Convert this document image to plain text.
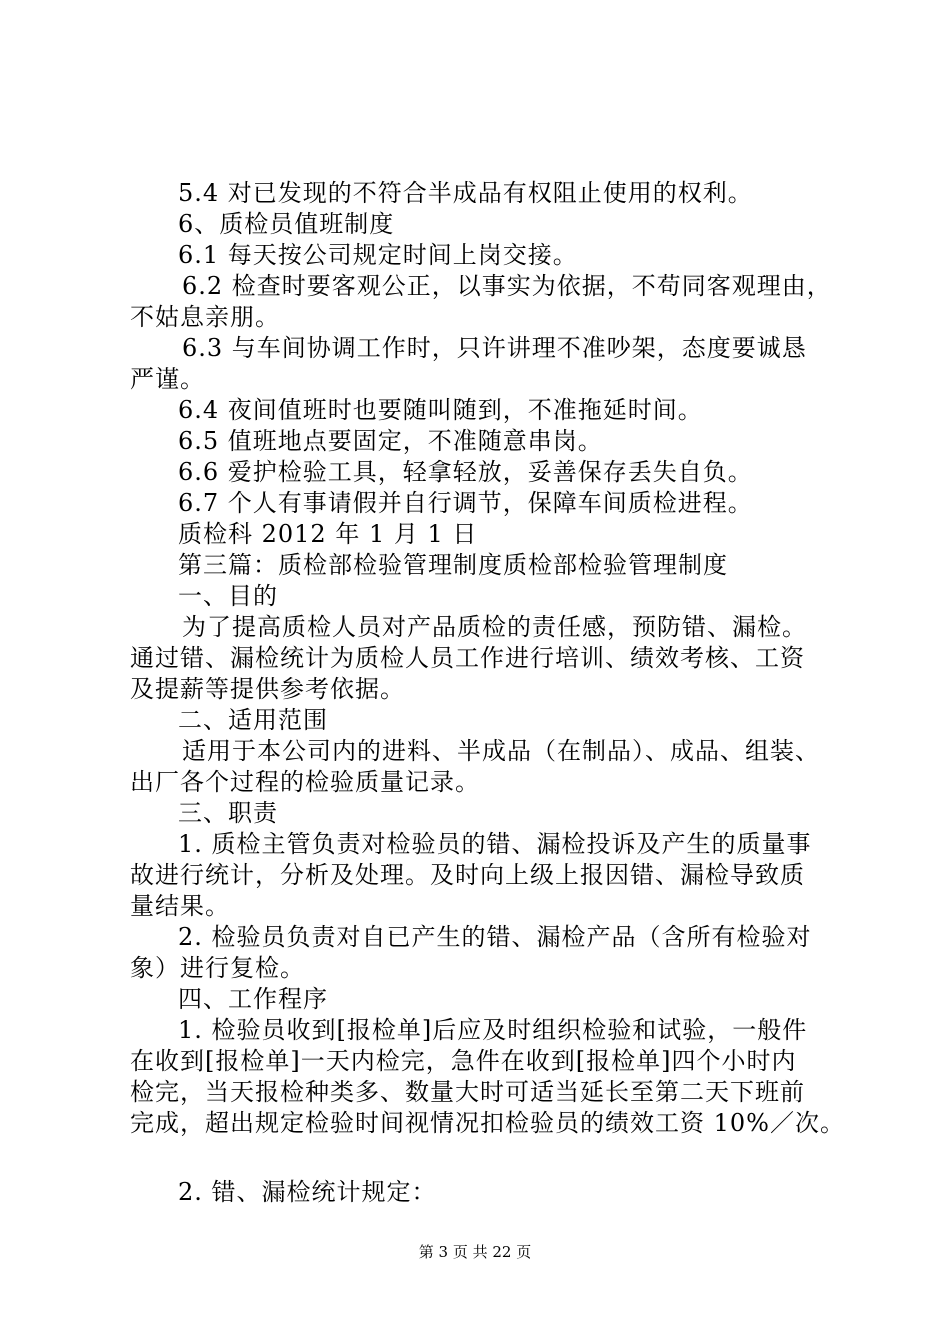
5.4 对已发现的不符合半成品有权阻止使用的权利。
6、质检员值班制度
6.1 每天按公司规定时间上岗交接。
6.2 检查时要客观公正，以事实为依据，不苟同客观理由，
不姑息亲朋。
6.3 与车间协调工作时，只许讲理不准吵架，态度要诚恳
严谨。
6.4 夜间值班时也要随叫随到，不准拖延时间。
6.5 值班地点要固定，不准随意串岗。
6.6 爱护检验工具，轻拿轻放，妥善保存丢失自负。
6.7 个人有事请假并自行调节，保障车间质检进程。
质检科 2012 年 1 月 1 日
第三篇：质检部检验管理制度质检部检验管理制度
一、目的
为了提高质检人员对产品质检的责任感，预防错、漏检。
通过错、漏检统计为质检人员工作进行培训、绩效考核、工资
及提薪等提供参考依据。
二、适用范围
适用于本公司内的进料、半成品（在制品）、成品、组装、
出厂各个过程的检验质量记录。
三、职责
1. 质检主管负责对检验员的错、漏检投诉及产生的质量事
故进行统计，分析及处理。及时向上级上报因错、漏检导致质
量结果。
2. 检验员负责对自已产生的错、漏检产品（含所有检验对
象）进行复检。
四、工作程序
1. 检验员收到[报检单]后应及时组织检验和试验，一般件
在收到[报检单]一天内检完，急件在收到[报检单]四个小时内
检完，当天报检种类多、数量大时可适当延长至第二天下班前
完成，超出规定检验时间视情况扣检验员的绩效工资 10%／次。
2. 错、漏检统计规定：
第 3 页 共 22 页
